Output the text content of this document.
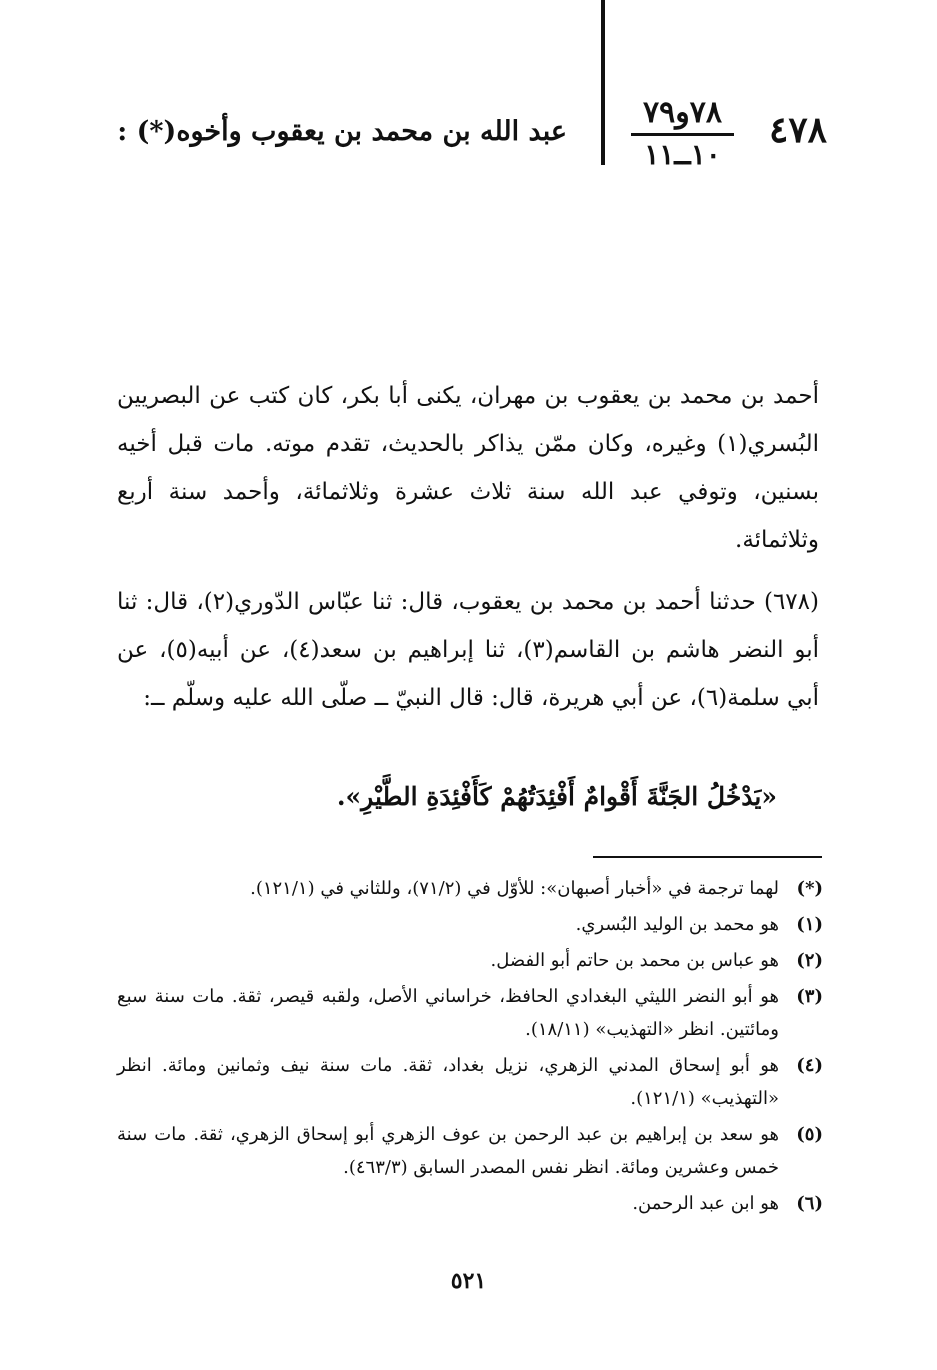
٤٧٨
٧٨و٧٩
١٠ــ١١
عبد الله بن محمد بن يعقوب وأخوه(*) :
أحمد بن محمد بن يعقوب بن مهران، يكنى أبا بكر، كان كتب عن البصريين البُسري(١) وغيره، وكان ممّن يذاكر بالحديث، تقدم موته. مات قبل أخيه بسنين، وتوفي عبد الله سنة ثلاث عشرة وثلاثمائة، وأحمد سنة أربع وثلاثمائة.
(٦٧٨) حدثنا أحمد بن محمد بن يعقوب، قال: ثنا عبّاس الدّوري(٢)، قال: ثنا أبو النضر هاشم بن القاسم(٣)، ثنا إبراهيم بن سعد(٤)، عن أبيه(٥)، عن أبي سلمة(٦)، عن أبي هريرة، قال: قال النبيّ ــ صلّى الله عليه وسلّم ــ:
«يَدْخُلُ الجَنَّةَ أَقْوامٌ أَفْئِدَتُهُمْ كَأَفْئِدَةِ الطَّيْرِ».
(*)
لهما ترجمة في «أخبار أصبهان»: للأوّل في (٧١/٢)، وللثاني في (١٢١/١).
(١)
هو محمد بن الوليد البُسري.
(٢)
هو عباس بن محمد بن حاتم أبو الفضل.
(٣)
هو أبو النضر الليثي البغدادي الحافظ، خراساني الأصل، ولقبه قيصر، ثقة. مات سنة سبع ومائتين. انظر «التهذيب» (١٨/١١).
(٤)
هو أبو إسحاق المدني الزهري، نزيل بغداد، ثقة. مات سنة نيف وثمانين ومائة. انظر «التهذيب» (١٢١/١).
(٥)
هو سعد بن إبراهيم بن عبد الرحمن بن عوف الزهري أبو إسحاق الزهري، ثقة. مات سنة خمس وعشرين ومائة. انظر نفس المصدر السابق (٤٦٣/٣).
(٦)
هو ابن عبد الرحمن.
٥٢١
